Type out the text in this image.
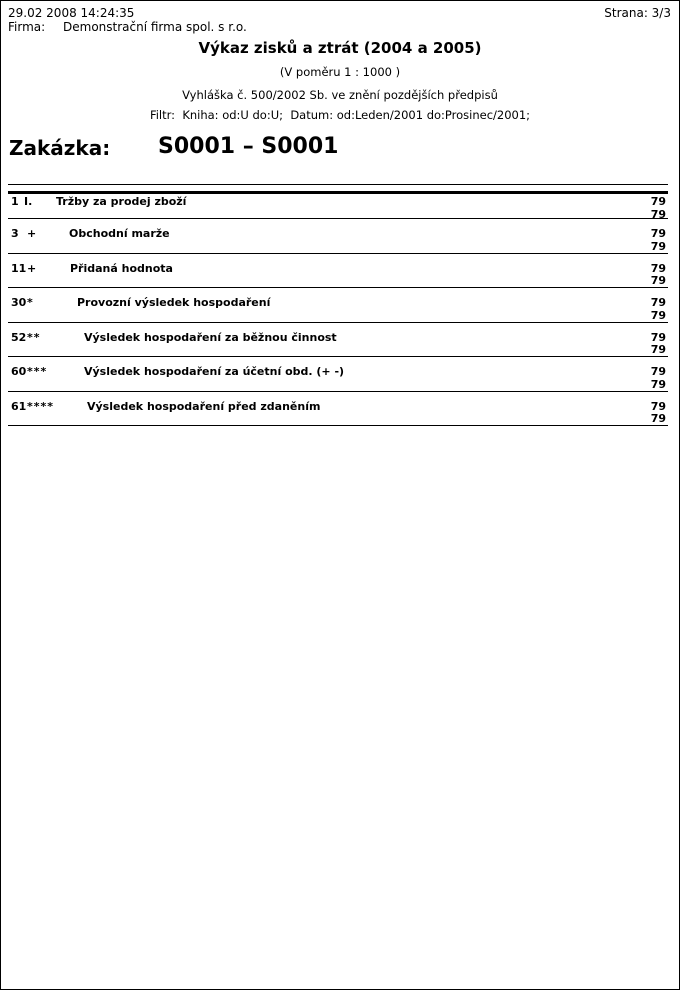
29.02 2008 14:24:35	Strana: 3/3
Firma: Demonstrační firma spol. s r.o.
Výkaz zisků a ztrát (2004 a 2005)
(V poměru 1 : 1000 )
Vyhláška č. 500/2002 Sb. ve znění pozdějších předpisů
Filtr:  Kniha: od:U do:U;  Datum: od:Leden/2001 do:Prosinec/2001;
Zakázka: S0001 – S0001
1 I. Tržby za prodej zboží	79
79
3 +	Obchodní marže	79
79
11 +	Přidaná hodnota	79
79
30 *	Provozní výsledek hospodaření	79
79
52 **	Výsledek hospodaření za běžnou činnost	79
79
60 ***	Výsledek hospodaření za účetní obd. (+ -)	79
79
61 ****	Výsledek hospodaření před zdaněním	79
79
